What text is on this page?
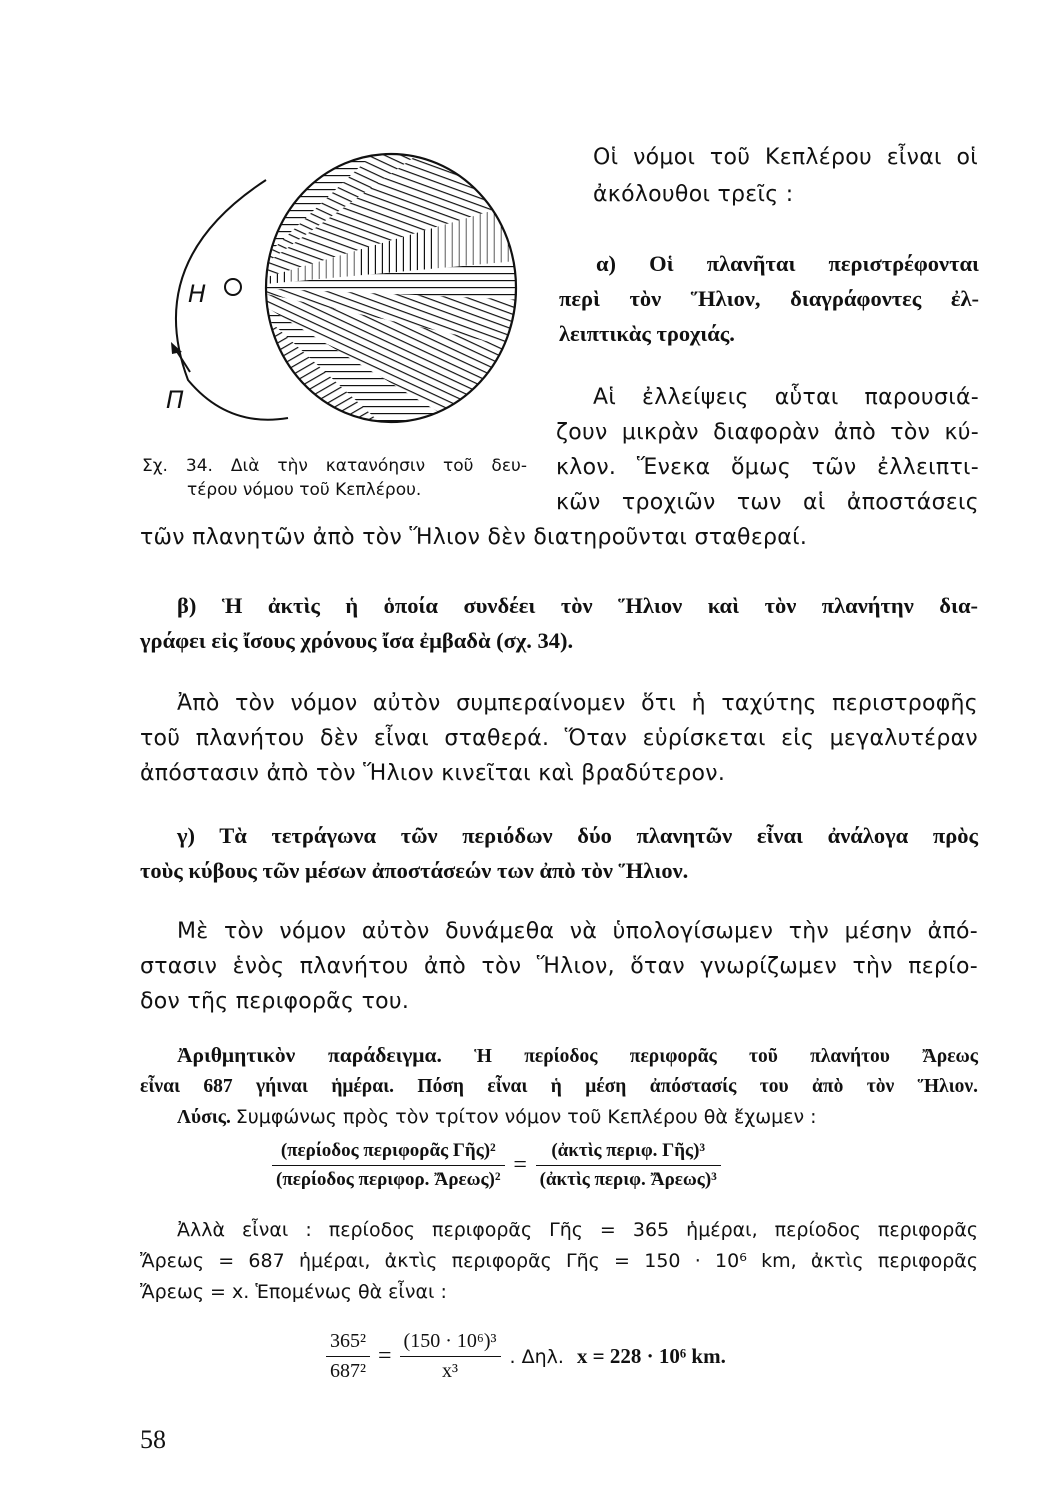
H
Π
Σχ. 34. Διὰ τὴν κατανόησιν τοῦ δευ-
τέρου νόμου τοῦ Κεπλέρου.
Οἱ νόμοι τοῦ Κεπλέρου εἶναι οἱ
ἀκόλουθοι τρεῖς :
α) Οἱ πλανῆται περιστρέφονται
περὶ τὸν Ἥλιον, διαγράφοντες ἐλ-
λειπτικὰς τροχιάς.
Αἱ ἐλλείψεις αὗται παρουσιά-
ζουν μικρὰν διαφορὰν ἀπὸ τὸν κύ-
κλον. Ἕνεκα ὅμως τῶν ἐλλειπτι-
κῶν τροχιῶν των αἱ ἀποστάσεις
τῶν πλανητῶν ἀπὸ τὸν Ἥλιον δὲν διατηροῦνται σταθεραί.
β) Ἡ ἀκτὶς ἡ ὁποία συνδέει τὸν Ἥλιον καὶ τὸν πλανήτην δια-
γράφει εἰς ἴσους χρόνους ἴσα ἐμβαδὰ (σχ. 34).
Ἀπὸ τὸν νόμον αὐτὸν συμπεραίνομεν ὅτι ἡ ταχύτης περιστροφῆς
τοῦ πλανήτου δὲν εἶναι σταθερά. Ὅταν εὑρίσκεται εἰς μεγαλυτέραν
ἀπόστασιν ἀπὸ τὸν Ἥλιον κινεῖται καὶ βραδύτερον.
γ) Τὰ τετράγωνα τῶν περιόδων δύο πλανητῶν εἶναι ἀνάλογα πρὸς
τοὺς κύβους τῶν μέσων ἀποστάσεών των ἀπὸ τὸν Ἥλιον.
Μὲ τὸν νόμον αὐτὸν δυνάμεθα νὰ ὑπολογίσωμεν τὴν μέσην ἀπό-
στασιν ἑνὸς πλανήτου ἀπὸ τὸν Ἥλιον, ὅταν γνωρίζωμεν τὴν περίο-
δον τῆς περιφορᾶς του.
Ἀριθμητικὸν παράδειγμα. Ἡ περίοδος περιφορᾶς τοῦ πλανήτου Ἄρεως
εἶναι 687 γήιναι ἡμέραι. Πόση εἶναι ἡ μέση ἀπόστασίς του ἀπὸ τὸν Ἥλιον.
Λύσις. Συμφώνως πρὸς τὸν τρίτον νόμον τοῦ Κεπλέρου θὰ ἔχωμεν :
$\frac{\text{(περίοδος περιφορᾶς Γῆς)²}}{\text{(περίοδος περιφορ. Ἄρεως)²}} = \frac{\text{(ἀκτὶς περιφ. Γῆς)³}}{\text{(ἀκτὶς περιφ. Ἄρεως)³}}$
Ἀλλὰ εἶναι : περίοδος περιφορᾶς Γῆς = 365 ἡμέραι, περίοδος περιφορᾶς
Ἄρεως = 687 ἡμέραι, ἀκτὶς περιφορᾶς Γῆς = 150 · 10⁶ km, ἀκτὶς περιφορᾶς
Ἄρεως = x. Ἑπομένως θὰ εἶναι :
$\frac{\text{365²}}{\text{687²}} = \frac{\text{(150 · 10⁶)³}}{\text{x³}}$ . Δηλ. x = 228 · 10⁶ km.
58
